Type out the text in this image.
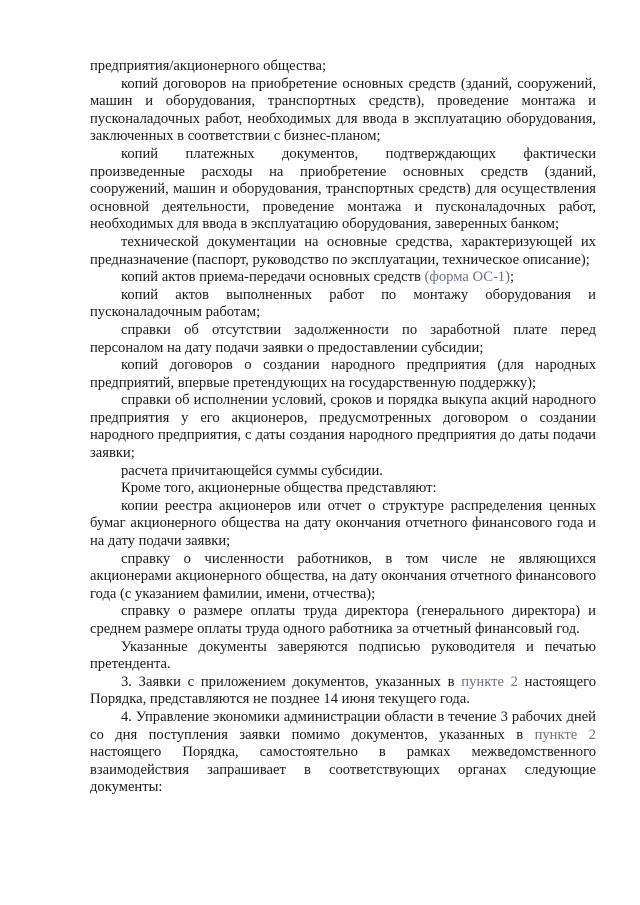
предприятия/акционерного общества;

копий договоров на приобретение основных средств (зданий, сооружений, машин и оборудования, транспортных средств), проведение монтажа и пусконаладочных работ, необходимых для ввода в эксплуатацию оборудования, заключенных в соответствии с бизнес-планом;

копий платежных документов, подтверждающих фактически произведенные расходы на приобретение основных средств (зданий, сооружений, машин и оборудования, транспортных средств) для осуществления основной деятельности, проведение монтажа и пусконаладочных работ, необходимых для ввода в эксплуатацию оборудования, заверенных банком;

технической документации на основные средства, характеризующей их предназначение (паспорт, руководство по эксплуатации, техническое описание);

копий актов приема-передачи основных средств (форма ОС-1);

копий актов выполненных работ по монтажу оборудования и пусконаладочным работам;

справки об отсутствии задолженности по заработной плате перед персоналом на дату подачи заявки о предоставлении субсидии;

копий договоров о создании народного предприятия (для народных предприятий, впервые претендующих на государственную поддержку);

справки об исполнении условий, сроков и порядка выкупа акций народного предприятия у его акционеров, предусмотренных договором о создании народного предприятия, с даты создания народного предприятия до даты подачи заявки;

расчета причитающейся суммы субсидии.

Кроме того, акционерные общества представляют:

копии реестра акционеров или отчет о структуре распределения ценных бумаг акционерного общества на дату окончания отчетного финансового года и на дату подачи заявки;

справку о численности работников, в том числе не являющихся акционерами акционерного общества, на дату окончания отчетного финансового года (с указанием фамилии, имени, отчества);

справку о размере оплаты труда директора (генерального директора) и среднем размере оплаты труда одного работника за отчетный финансовый год.

Указанные документы заверяются подписью руководителя и печатью претендента.

3. Заявки с приложением документов, указанных в пункте 2 настоящего Порядка, представляются не позднее 14 июня текущего года.

4. Управление экономики администрации области в течение 3 рабочих дней со дня поступления заявки помимо документов, указанных в пункте 2 настоящего Порядка, самостоятельно в рамках межведомственного взаимодействия запрашивает в соответствующих органах следующие документы:
